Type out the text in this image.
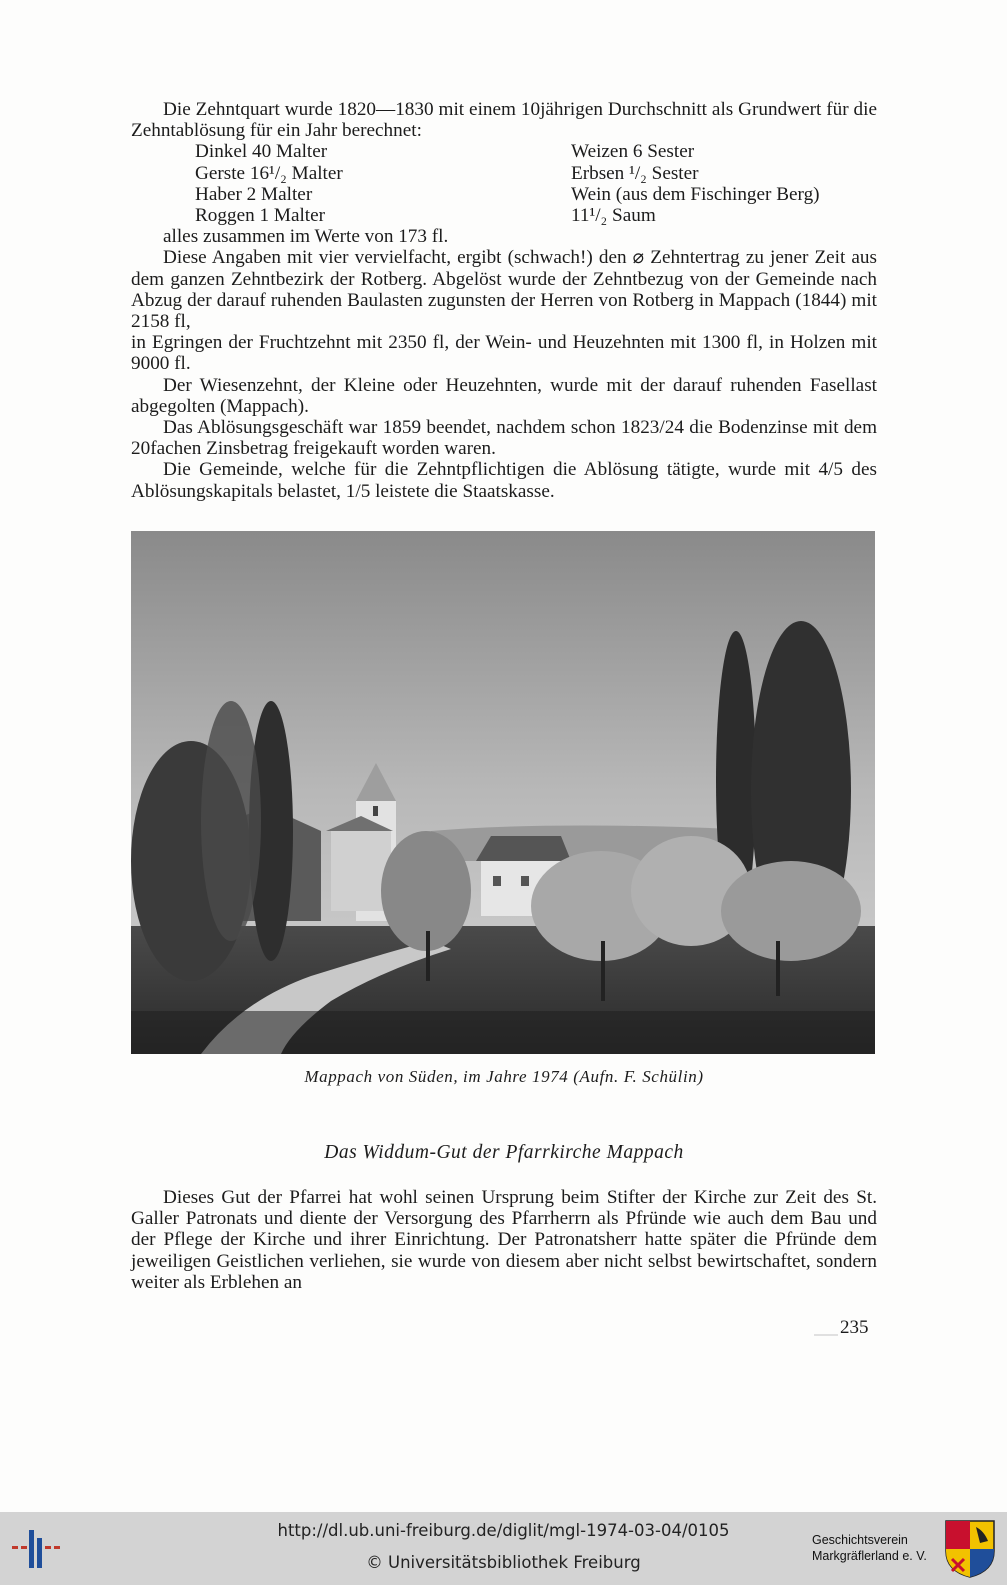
Die Zehntquart wurde 1820—1830 mit einem 10jährigen Durchschnitt als Grundwert für die Zehntablösung für ein Jahr berechnet:

Dinkel 40 Malter	Weizen 6 Sester
Gerste 16¹/₂ Malter	Erbsen ¹/₂ Sester
Haber 2 Malter	Wein (aus dem Fischinger Berg)
Roggen 1 Malter	11¹/₂ Saum

alles zusammen im Werte von 173 fl.

Diese Angaben mit vier vervielfacht, ergibt (schwach!) den ⌀ Zehntertrag zu jener Zeit aus dem ganzen Zehntbezirk der Rotberg. Abgelöst wurde der Zehntbezug von der Gemeinde nach Abzug der darauf ruhenden Baulasten zugunsten der Herren von Rotberg in Mappach (1844) mit 2158 fl,

in Egringen der Fruchtzehnt mit 2350 fl, der Wein- und Heuzehnten mit 1300 fl, in Holzen mit 9000 fl.

Der Wiesenzehnt, der Kleine oder Heuzehnten, wurde mit der darauf ruhenden Fasellast abgegolten (Mappach).

Das Ablösungsgeschäft war 1859 beendet, nachdem schon 1823/24 die Bodenzinse mit dem 20fachen Zinsbetrag freigekauft worden waren.

Die Gemeinde, welche für die Zehntpflichtigen die Ablösung tätigte, wurde mit 4/5 des Ablösungskapitals belastet, 1/5 leistete die Staatskasse.

Mappach von Süden, im Jahre 1974 (Aufn. F. Schülin)
Das Widdum-Gut der Pfarrkirche Mappach

Dieses Gut der Pfarrei hat wohl seinen Ursprung beim Stifter der Kirche zur Zeit des St. Galler Patronats und diente der Versorgung des Pfarrherrn als Pfründe wie auch dem Bau und der Pflege der Kirche und ihrer Einrichtung. Der Patronatsherr hatte später die Pfründe dem jeweiligen Geistlichen verliehen, sie wurde von diesem aber nicht selbst bewirtschaftet, sondern weiter als Erblehen an

235
http://dl.ub.uni-freiburg.de/diglit/mgl-1974-03-04/0105
© Universitätsbibliothek Freiburg
Geschichtsverein
Markgräflerland e. V.
